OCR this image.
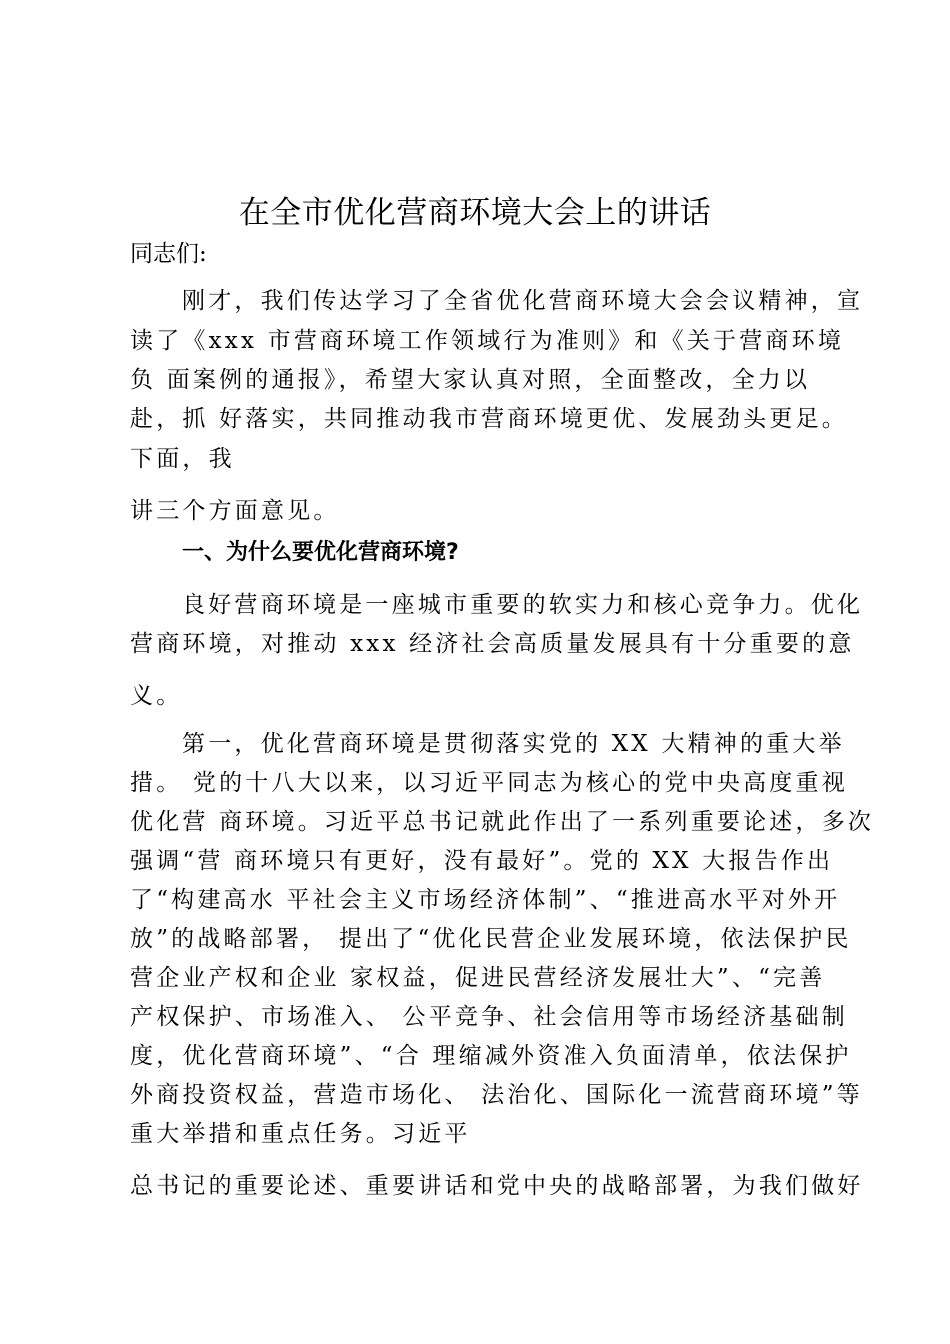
在全市优化营商环境大会上的讲话
同志们:
刚才，我们传达学习了全省优化营商环境大会会议精神，宣
读了《xxx 市营商环境工作领域行为准则》和《关于营商环境
负 面案例的通报》，希望大家认真对照，全面整改，全力以
赴，抓 好落实，共同推动我市营商环境更优、发展劲头更足。
下面，我
讲三个方面意见。
一、为什么要优化营商环境?
良好营商环境是一座城市重要的软实力和核心竞争力。优化
营商环境，对推动 xxx 经济社会高质量发展具有十分重要的意
义。
第一，优化营商环境是贯彻落实党的 XX 大精神的重大举
措。 党的十八大以来，以习近平同志为核心的党中央高度重视
优化营 商环境。习近平总书记就此作出了一系列重要论述，多次
强调“营 商环境只有更好，没有最好”。党的 XX 大报告作出
了“构建高水 平社会主义市场经济体制”、“推进高水平对外开
放”的战略部署， 提出了“优化民营企业发展环境，依法保护民
营企业产权和企业 家权益，促进民营经济发展壮大”、“完善
产权保护、市场准入、 公平竞争、社会信用等市场经济基础制
度，优化营商环境”、“合 理缩减外资准入负面清单，依法保护
外商投资权益，营造市场化、 法治化、国际化一流营商环境”等
重大举措和重点任务。习近平
总书记的重要论述、重要讲话和党中央的战略部署，为我们做好
